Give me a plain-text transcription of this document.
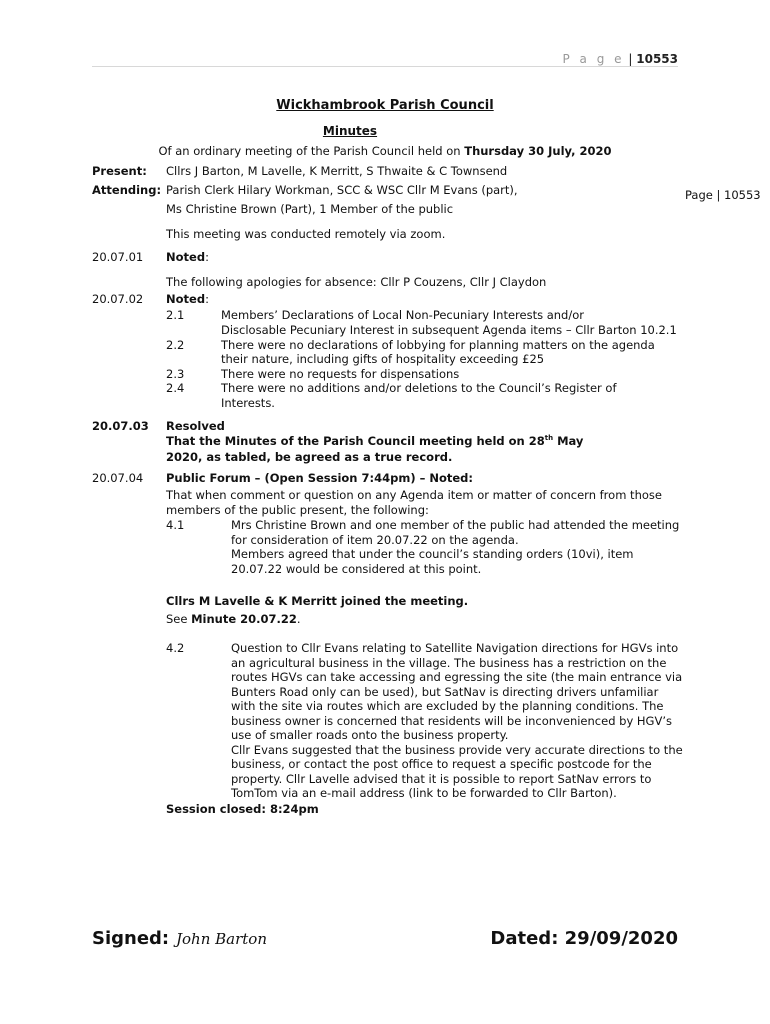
P a g e | 10553
Page | 10553
Wickhambrook Parish Council
Minutes
Of an ordinary meeting of the Parish Council held on Thursday 30 July, 2020
Present: Cllrs J Barton, M Lavelle, K Merritt, S Thwaite & C Townsend
Attending: Parish Clerk Hilary Workman, SCC & WSC Cllr M Evans (part),
Ms Christine Brown (Part), 1 Member of the public
This meeting was conducted remotely via zoom.
20.07.01 Noted:
The following apologies for absence: Cllr P Couzens, Cllr J Claydon
20.07.02 Noted:
2.1	Members’ Declarations of Local Non-Pecuniary Interests and/or
Disclosable Pecuniary Interest in subsequent Agenda items – Cllr Barton 10.2.1
2.2	There were no declarations of lobbying for planning matters on the agenda
their nature, including gifts of hospitality exceeding £25
2.3	There were no requests for dispensations
2.4	There were no additions and/or deletions to the Council’s Register of
Interests.
20.07.03 Resolved
That the Minutes of the Parish Council meeting held on 28th May
2020, as tabled, be agreed as a true record.
20.07.04 Public Forum – (Open Session 7:44pm) – Noted:
That when comment or question on any Agenda item or matter of concern from those
members of the public present, the following:
4.1	Mrs Christine Brown and one member of the public had attended the meeting
for consideration of item 20.07.22 on the agenda.
Members agreed that under the council’s standing orders (10vi), item
20.07.22 would be considered at this point.
Cllrs M Lavelle & K Merritt joined the meeting.
See Minute 20.07.22.
4.2	Question to Cllr Evans relating to Satellite Navigation directions for HGVs into
an agricultural business in the village. The business has a restriction on the
routes HGVs can take accessing and egressing the site (the main entrance via
Bunters Road only can be used), but SatNav is directing drivers unfamiliar
with the site via routes which are excluded by the planning conditions. The
business owner is concerned that residents will be inconvenienced by HGV’s
use of smaller roads onto the business property.
Cllr Evans suggested that the business provide very accurate directions to the
business, or contact the post office to request a specific postcode for the
property. Cllr Lavelle advised that it is possible to report SatNav errors to
TomTom via an e-mail address (link to be forwarded to Cllr Barton).
Session closed: 8:24pm
Signed: John Barton	Dated: 29/09/2020
